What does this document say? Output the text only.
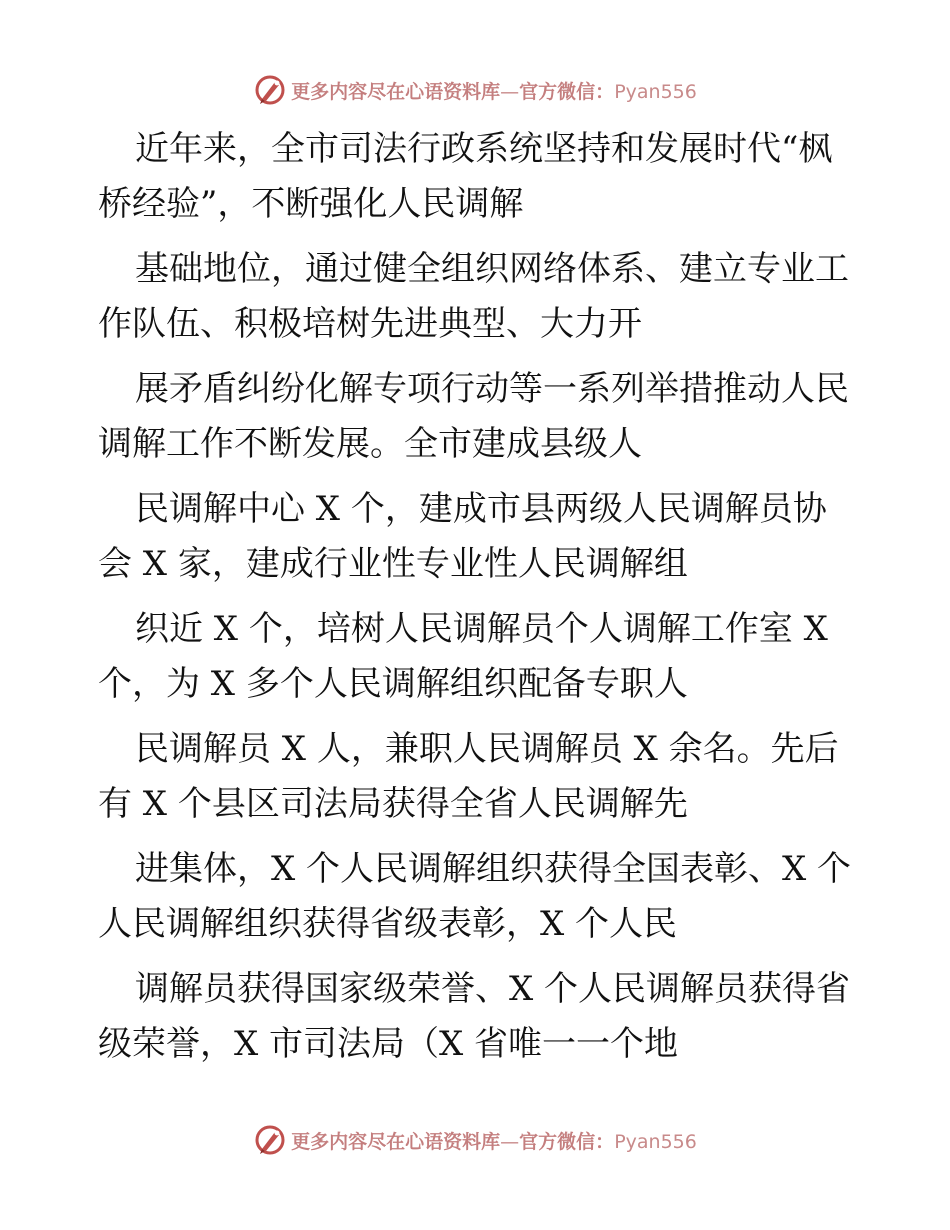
更多内容尽在心语资料库—官方微信：Pyan556

近年来，全市司法行政系统坚持和发展时代“枫
桥经验”，不断强化人民调解

基础地位，通过健全组织网络体系、建立专业工
作队伍、积极培树先进典型、大力开

展矛盾纠纷化解专项行动等一系列举措推动人民
调解工作不断发展。全市建成县级人

民调解中心 X 个，建成市县两级人民调解员协
会 X 家，建成行业性专业性人民调解组

织近 X 个，培树人民调解员个人调解工作室 X
个，为 X 多个人民调解组织配备专职人

民调解员 X 人，兼职人民调解员 X 余名。先后
有 X 个县区司法局获得全省人民调解先

进集体，X 个人民调解组织获得全国表彰、X 个
人民调解组织获得省级表彰，X 个人民

调解员获得国家级荣誉、X 个人民调解员获得省
级荣誉，X 市司法局（X 省唯一一个地

更多内容尽在心语资料库—官方微信：Pyan556
